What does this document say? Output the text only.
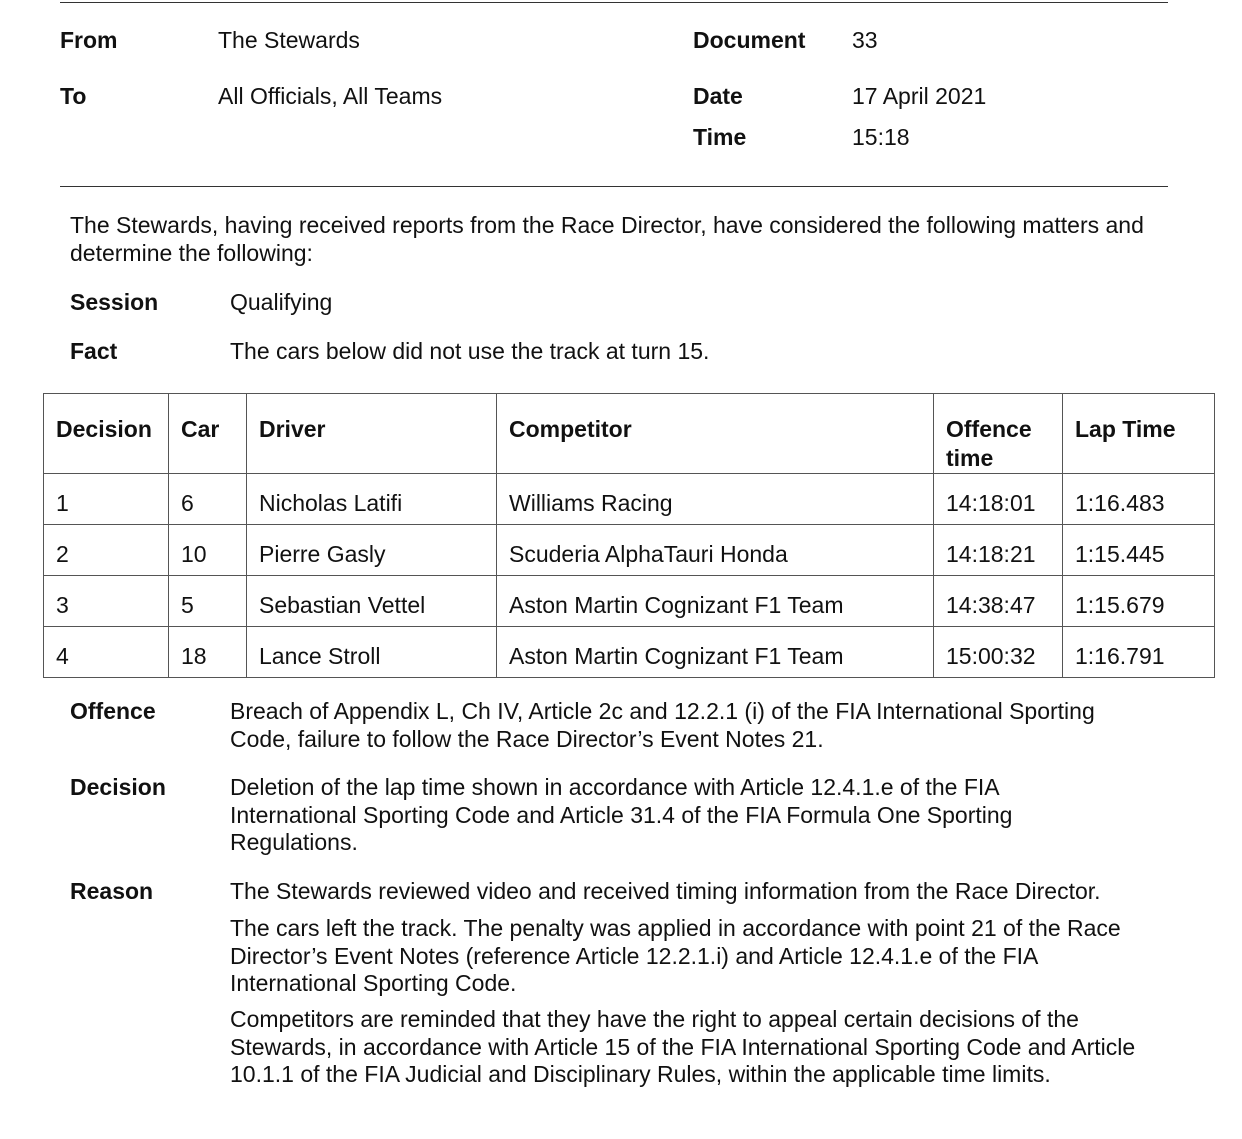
From	The Stewards	Document 33
To	All Officials, All Teams	Date	17 April 2021
Time	15:18
The Stewards, having received reports from the Race Director, have considered the following matters and determine the following:
Session	Qualifying
Fact	The cars below did not use the track at turn 15.
Decision	Car	Driver	Competitor	Offence time	Lap Time
1	6	Nicholas Latifi	Williams Racing	14:18:01	1:16.483
2	10	Pierre Gasly	Scuderia AlphaTauri Honda	14:18:21	1:15.445
3	5	Sebastian Vettel	Aston Martin Cognizant F1 Team	14:38:47	1:15.679
4	18	Lance Stroll	Aston Martin Cognizant F1 Team	15:00:32	1:16.791
Offence	Breach of Appendix L, Ch IV, Article 2c and 12.2.1 (i) of the FIA International Sporting Code, failure to follow the Race Director’s Event Notes 21.
Decision	Deletion of the lap time shown in accordance with Article 12.4.1.e of the FIA International Sporting Code and Article 31.4 of the FIA Formula One Sporting Regulations.
Reason	The Stewards reviewed video and received timing information from the Race Director.
The cars left the track. The penalty was applied in accordance with point 21 of the Race Director’s Event Notes (reference Article 12.2.1.i) and Article 12.4.1.e of the FIA International Sporting Code.
Competitors are reminded that they have the right to appeal certain decisions of the Stewards, in accordance with Article 15 of the FIA International Sporting Code and Article 10.1.1 of the FIA Judicial and Disciplinary Rules, within the applicable time limits.
